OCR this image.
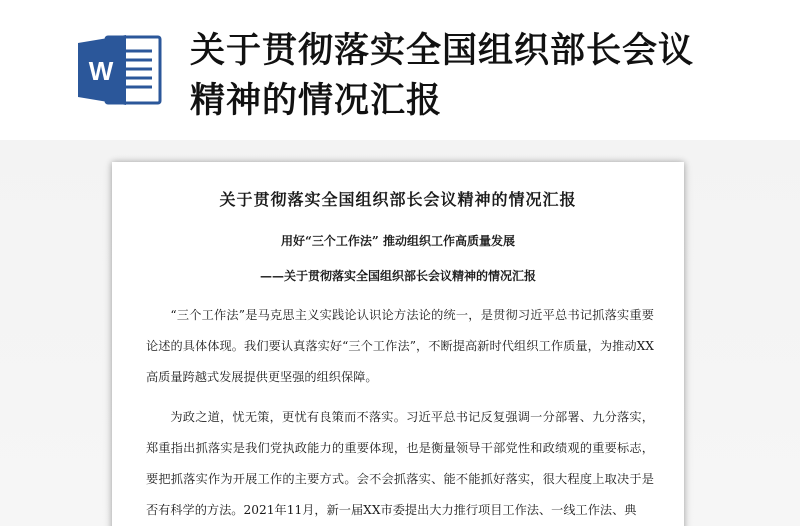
W 关于贯彻落实全国组织部长会议
精神的情况汇报
关于贯彻落实全国组织部长会议精神的情况汇报
用好“三个工作法” 推动组织工作高质量发展
——关于贯彻落实全国组织部长会议精神的情况汇报

“三个工作法”是马克思主义实践论认识论方法论的统一，是贯彻习近平总书记抓落实重要论述的具体体现。我们要认真落实好“三个工作法”，不断提高新时代组织工作质量，为推动XX高质量跨越式发展提供更坚强的组织保障。

为政之道，忧无策，更忧有良策而不落实。习近平总书记反复强调一分部署、九分落实，郑重指出抓落实是我们党执政能力的重要体现，也是衡量领导干部党性和政绩观的重要标志，要把抓落实作为开展工作的主要方式。会不会抓落实、能不能抓好落实，很大程度上取决于是否有科学的方法。2021年11月，新一届XX市委提出大力推行项目工作法、一线工作法、典
